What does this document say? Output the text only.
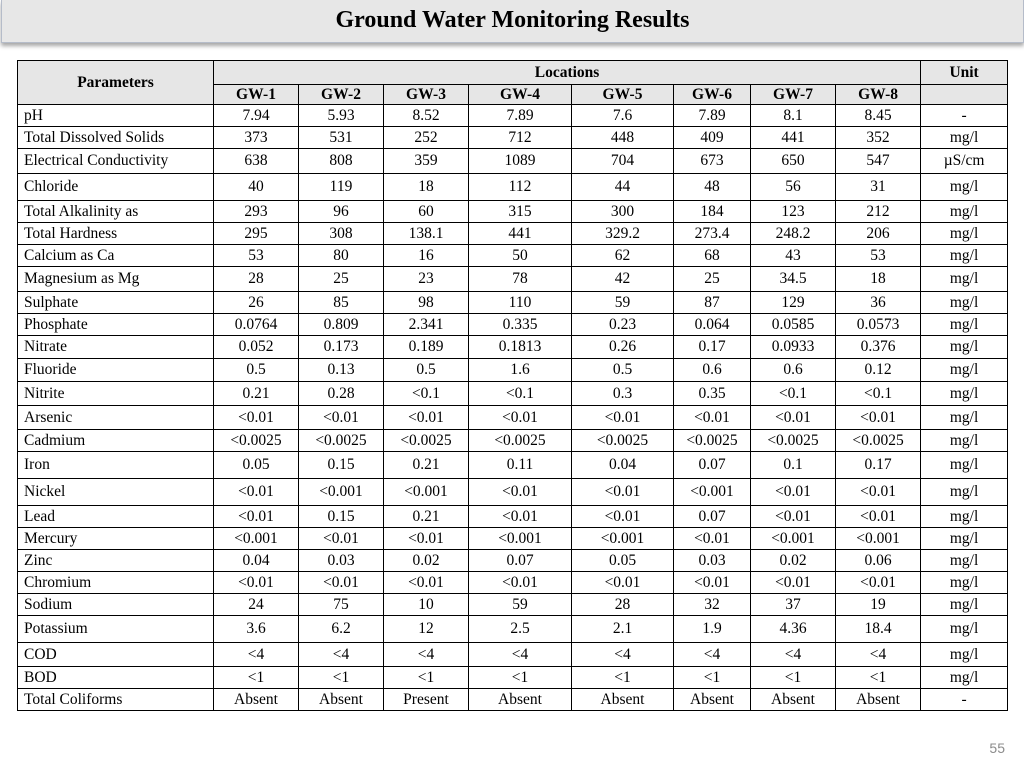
Ground Water Monitoring Results
Parameters	Locations								Unit
	GW-1	GW-2	GW-3	GW-4	GW-5	GW-6	GW-7	GW-8	
pH	7.94	5.93	8.52	7.89	7.6	7.89	8.1	8.45	-
Total Dissolved Solids	373	531	252	712	448	409	441	352	mg/l
Electrical Conductivity	638	808	359	1089	704	673	650	547	µS/cm
Chloride	40	119	18	112	44	48	56	31	mg/l
Total Alkalinity as	293	96	60	315	300	184	123	212	mg/l
Total Hardness	295	308	138.1	441	329.2	273.4	248.2	206	mg/l
Calcium as Ca	53	80	16	50	62	68	43	53	mg/l
Magnesium as Mg	28	25	23	78	42	25	34.5	18	mg/l
Sulphate	26	85	98	110	59	87	129	36	mg/l
Phosphate	0.0764	0.809	2.341	0.335	0.23	0.064	0.0585	0.0573	mg/l
Nitrate	0.052	0.173	0.189	0.1813	0.26	0.17	0.0933	0.376	mg/l
Fluoride	0.5	0.13	0.5	1.6	0.5	0.6	0.6	0.12	mg/l
Nitrite	0.21	0.28	<0.1	<0.1	0.3	0.35	<0.1	<0.1	mg/l
Arsenic	<0.01	<0.01	<0.01	<0.01	<0.01	<0.01	<0.01	<0.01	mg/l
Cadmium	<0.0025	<0.0025	<0.0025	<0.0025	<0.0025	<0.0025	<0.0025	<0.0025	mg/l
Iron	0.05	0.15	0.21	0.11	0.04	0.07	0.1	0.17	mg/l
Nickel	<0.01	<0.001	<0.001	<0.01	<0.01	<0.001	<0.01	<0.01	mg/l
Lead	<0.01	0.15	0.21	<0.01	<0.01	0.07	<0.01	<0.01	mg/l
Mercury	<0.001	<0.01	<0.01	<0.001	<0.001	<0.01	<0.001	<0.001	mg/l
Zinc	0.04	0.03	0.02	0.07	0.05	0.03	0.02	0.06	mg/l
Chromium	<0.01	<0.01	<0.01	<0.01	<0.01	<0.01	<0.01	<0.01	mg/l
Sodium	24	75	10	59	28	32	37	19	mg/l
Potassium	3.6	6.2	12	2.5	2.1	1.9	4.36	18.4	mg/l
COD	<4	<4	<4	<4	<4	<4	<4	<4	mg/l
BOD	<1	<1	<1	<1	<1	<1	<1	<1	mg/l
Total Coliforms	Absent	Absent	Present	Absent	Absent	Absent	Absent	Absent	-
55
